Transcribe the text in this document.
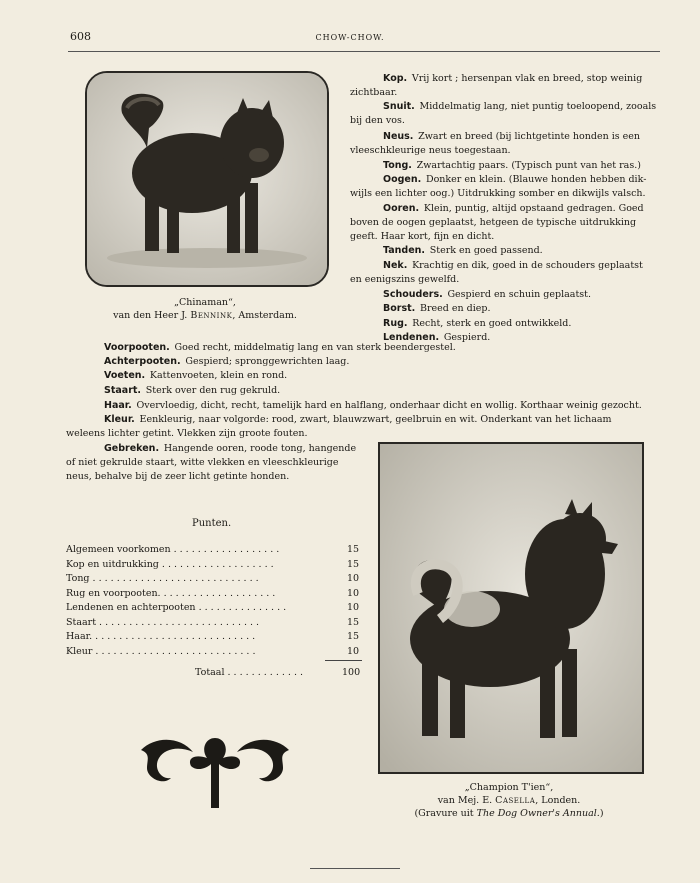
608	CHOW-CHOW.
„Chinaman“,
van den Heer J. Bennink, Amsterdam.
Kop.  Vrij kort ; hersenpan vlak en breed, stop weinig
zichtbaar.
Snuit.  Middelmatig lang, niet puntig toeloopend, zooals
bij den vos.
Neus.  Zwart en breed (bij lichtgetinte honden is een
vleeschkleurige neus toegestaan.
Tong.  Zwartachtig paars. (Typisch punt van het ras.)
Oogen.  Donker en klein. (Blauwe honden hebben dik-
wijls een lichter oog.) Uitdrukking somber en dikwijls valsch.
Ooren.  Klein, puntig, altijd opstaand gedragen. Goed
boven de oogen geplaatst, hetgeen de typische uitdrukking
geeft. Haar kort, fijn en dicht.
Tanden.  Sterk en goed passend.
Nek.  Krachtig en dik, goed in de schouders geplaatst
en eenigszins gewelfd.
Schouders.  Gespierd en schuin geplaatst.
Borst.  Breed en diep.
Rug.  Recht, sterk en goed ontwikkeld.
Lendenen.  Gespierd.
Voorpooten.  Goed recht, middelmatig lang en van sterk beendergestel.
Achterpooten.  Gespierd; spronggewrichten laag.
Voeten.  Kattenvoeten, klein en rond.
Staart.  Sterk over den rug gekruld.
Haar.  Overvloedig, dicht, recht, tamelijk hard en halflang, onderhaar dicht en wollig. Korthaar weinig gezocht.
Kleur.  Eenkleurig, naar volgorde: rood, zwart, blauwzwart, geelbruin en wit. Onderkant van het lichaam
weleens lichter getint. Vlekken zijn groote fouten.
Gebreken.  Hangende ooren, roode tong, hangende
of niet gekrulde staart, witte vlekken en vleeschkleurige
neus, behalve bij de zeer licht getinte honden.
Punten.
Algemeen voorkomen . . . . . . . . . . . . . . . . . .	15
Kop en uitdrukking . . . . . . . . . . . . . . . . . . .	15
Tong . . . . . . . . . . . . . . . . . . . . . . . . . . . .	10
Rug en voorpooten. . . . . . . . . . . . . . . . . . . .	10
Lendenen en achterpooten . . . . . . . . . . . . . . .	10
Staart . . . . . . . . . . . . . . . . . . . . . . . . . . .	15
Haar. . . . . . . . . . . . . . . . . . . . . . . . . . . .	15
Kleur . . . . . . . . . . . . . . . . . . . . . . . . . . .	10
Totaal . . . . . . . . . . . . .	100
„Champion T'ien“,
van Mej. E. Casella, Londen.
(Gravure uit The Dog Owner's Annual.)
